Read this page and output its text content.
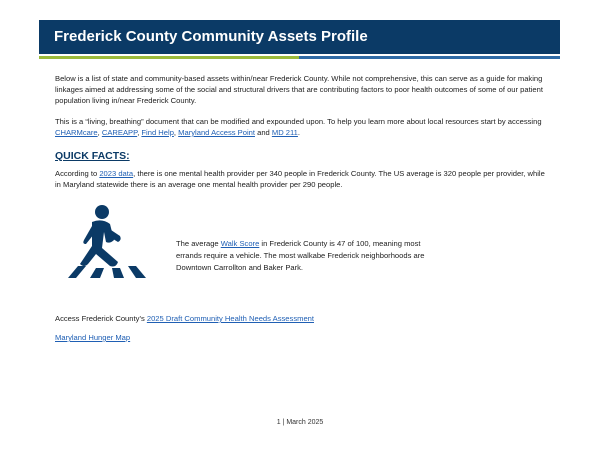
Frederick County Community Assets Profile

Below is a list of state and community-based assets within/near Frederick County. While not comprehensive, this can serve as a guide for making linkages aimed at addressing some of the social and structural drivers that are contributing factors to poor health outcomes of some of our patient population living in/near Frederick County.

This is a “living, breathing” document that can be modified and expounded upon. To help you learn more about local resources start by accessing CHARMcare, CAREAPP, Find Help, Maryland Access Point and MD 211.

QUICK FACTS:

According to 2023 data, there is one mental health provider per 340 people in Frederick County. The US average is 320 people per provider, while in Maryland statewide there is an average one mental health provider per 290 people.

The average Walk Score in Frederick County is 47 of 100, meaning most errands require a vehicle. The most walkabe Frederick neighborhoods are Downtown Carrollton and Baker Park.

Access Frederick County’s 2025 Draft Community Health Needs Assessment

Maryland Hunger Map

1 | March 2025
